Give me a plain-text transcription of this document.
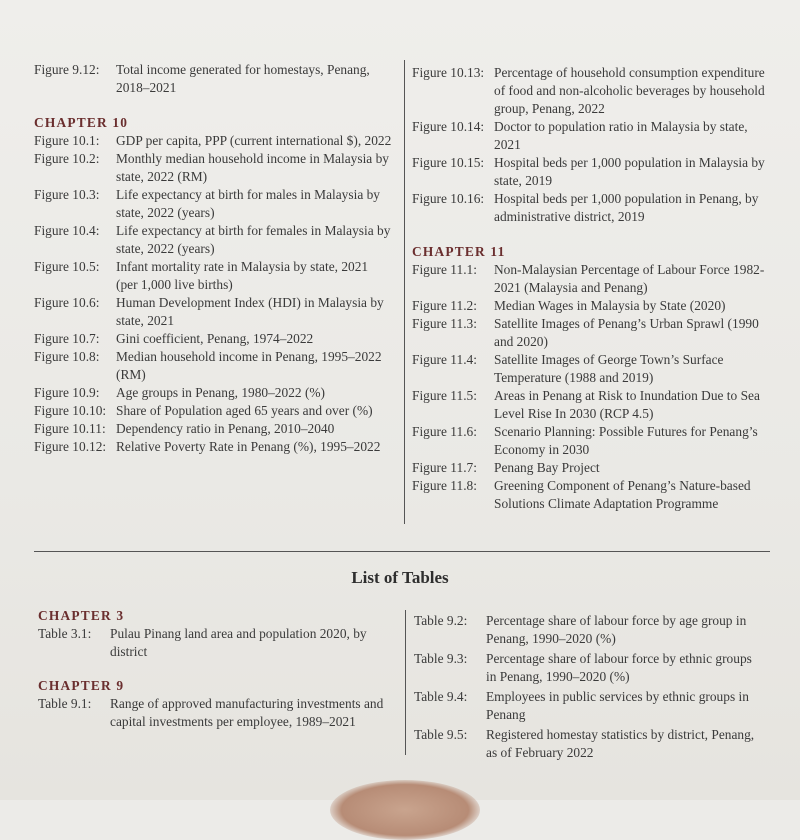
Figure 9.12:	Total income generated for homestays, Penang, 2018–2021

CHAPTER 10

Figure 10.1:	GDP per capita, PPP (current international $), 2022
Figure 10.2:	Monthly median household income in Malaysia by state, 2022 (RM)
Figure 10.3:	Life expectancy at birth for males in Malaysia by state, 2022 (years)
Figure 10.4:	Life expectancy at birth for females in Malaysia by state, 2022 (years)
Figure 10.5:	Infant mortality rate in Malaysia by state, 2021 (per 1,000 live births)
Figure 10.6:	Human Development Index (HDI) in Malaysia by state, 2021
Figure 10.7:	Gini coefficient, Penang, 1974–2022
Figure 10.8:	Median household income in Penang, 1995–2022 (RM)
Figure 10.9:	Age groups in Penang, 1980–2022 (%)
Figure 10.10: Share of Population aged 65 years and over (%)
Figure 10.11: Dependency ratio in Penang, 2010–2040
Figure 10.12: Relative Poverty Rate in Penang (%), 1995–2022
Figure 10.13: Percentage of household consumption expenditure of food and non-alcoholic beverages by household group, Penang, 2022
Figure 10.14: Doctor to population ratio in Malaysia by state, 2021
Figure 10.15: Hospital beds per 1,000 population in Malaysia by state, 2019
Figure 10.16: Hospital beds per 1,000 population in Penang, by administrative district, 2019

CHAPTER 11

Figure 11.1:	Non-Malaysian Percentage of Labour Force 1982-2021 (Malaysia and Penang)
Figure 11.2:	Median Wages in Malaysia by State (2020)
Figure 11.3:	Satellite Images of Penang’s Urban Sprawl (1990 and 2020)
Figure 11.4:	Satellite Images of George Town’s Surface Temperature (1988 and 2019)
Figure 11.5:	Areas in Penang at Risk to Inundation Due to Sea Level Rise In 2030 (RCP 4.5)
Figure 11.6:	Scenario Planning: Possible Futures for Penang’s Economy in 2030
Figure 11.7:	Penang Bay Project
Figure 11.8:	Greening Component of Penang’s Nature-based Solutions Climate Adaptation Programme
List of Tables

CHAPTER 3

Table 3.1:	Pulau Pinang land area and population 2020, by district

CHAPTER 9

Table 9.1:	Range of approved manufacturing investments and capital investments per employee, 1989–2021
Table 9.2:	Percentage share of labour force by age group in Penang, 1990–2020 (%)
Table 9.3:	Percentage share of labour force by ethnic groups in Penang, 1990–2020 (%)
Table 9.4:	Employees in public services by ethnic groups in Penang
Table 9.5:	Registered homestay statistics by district, Penang, as of February 2022
